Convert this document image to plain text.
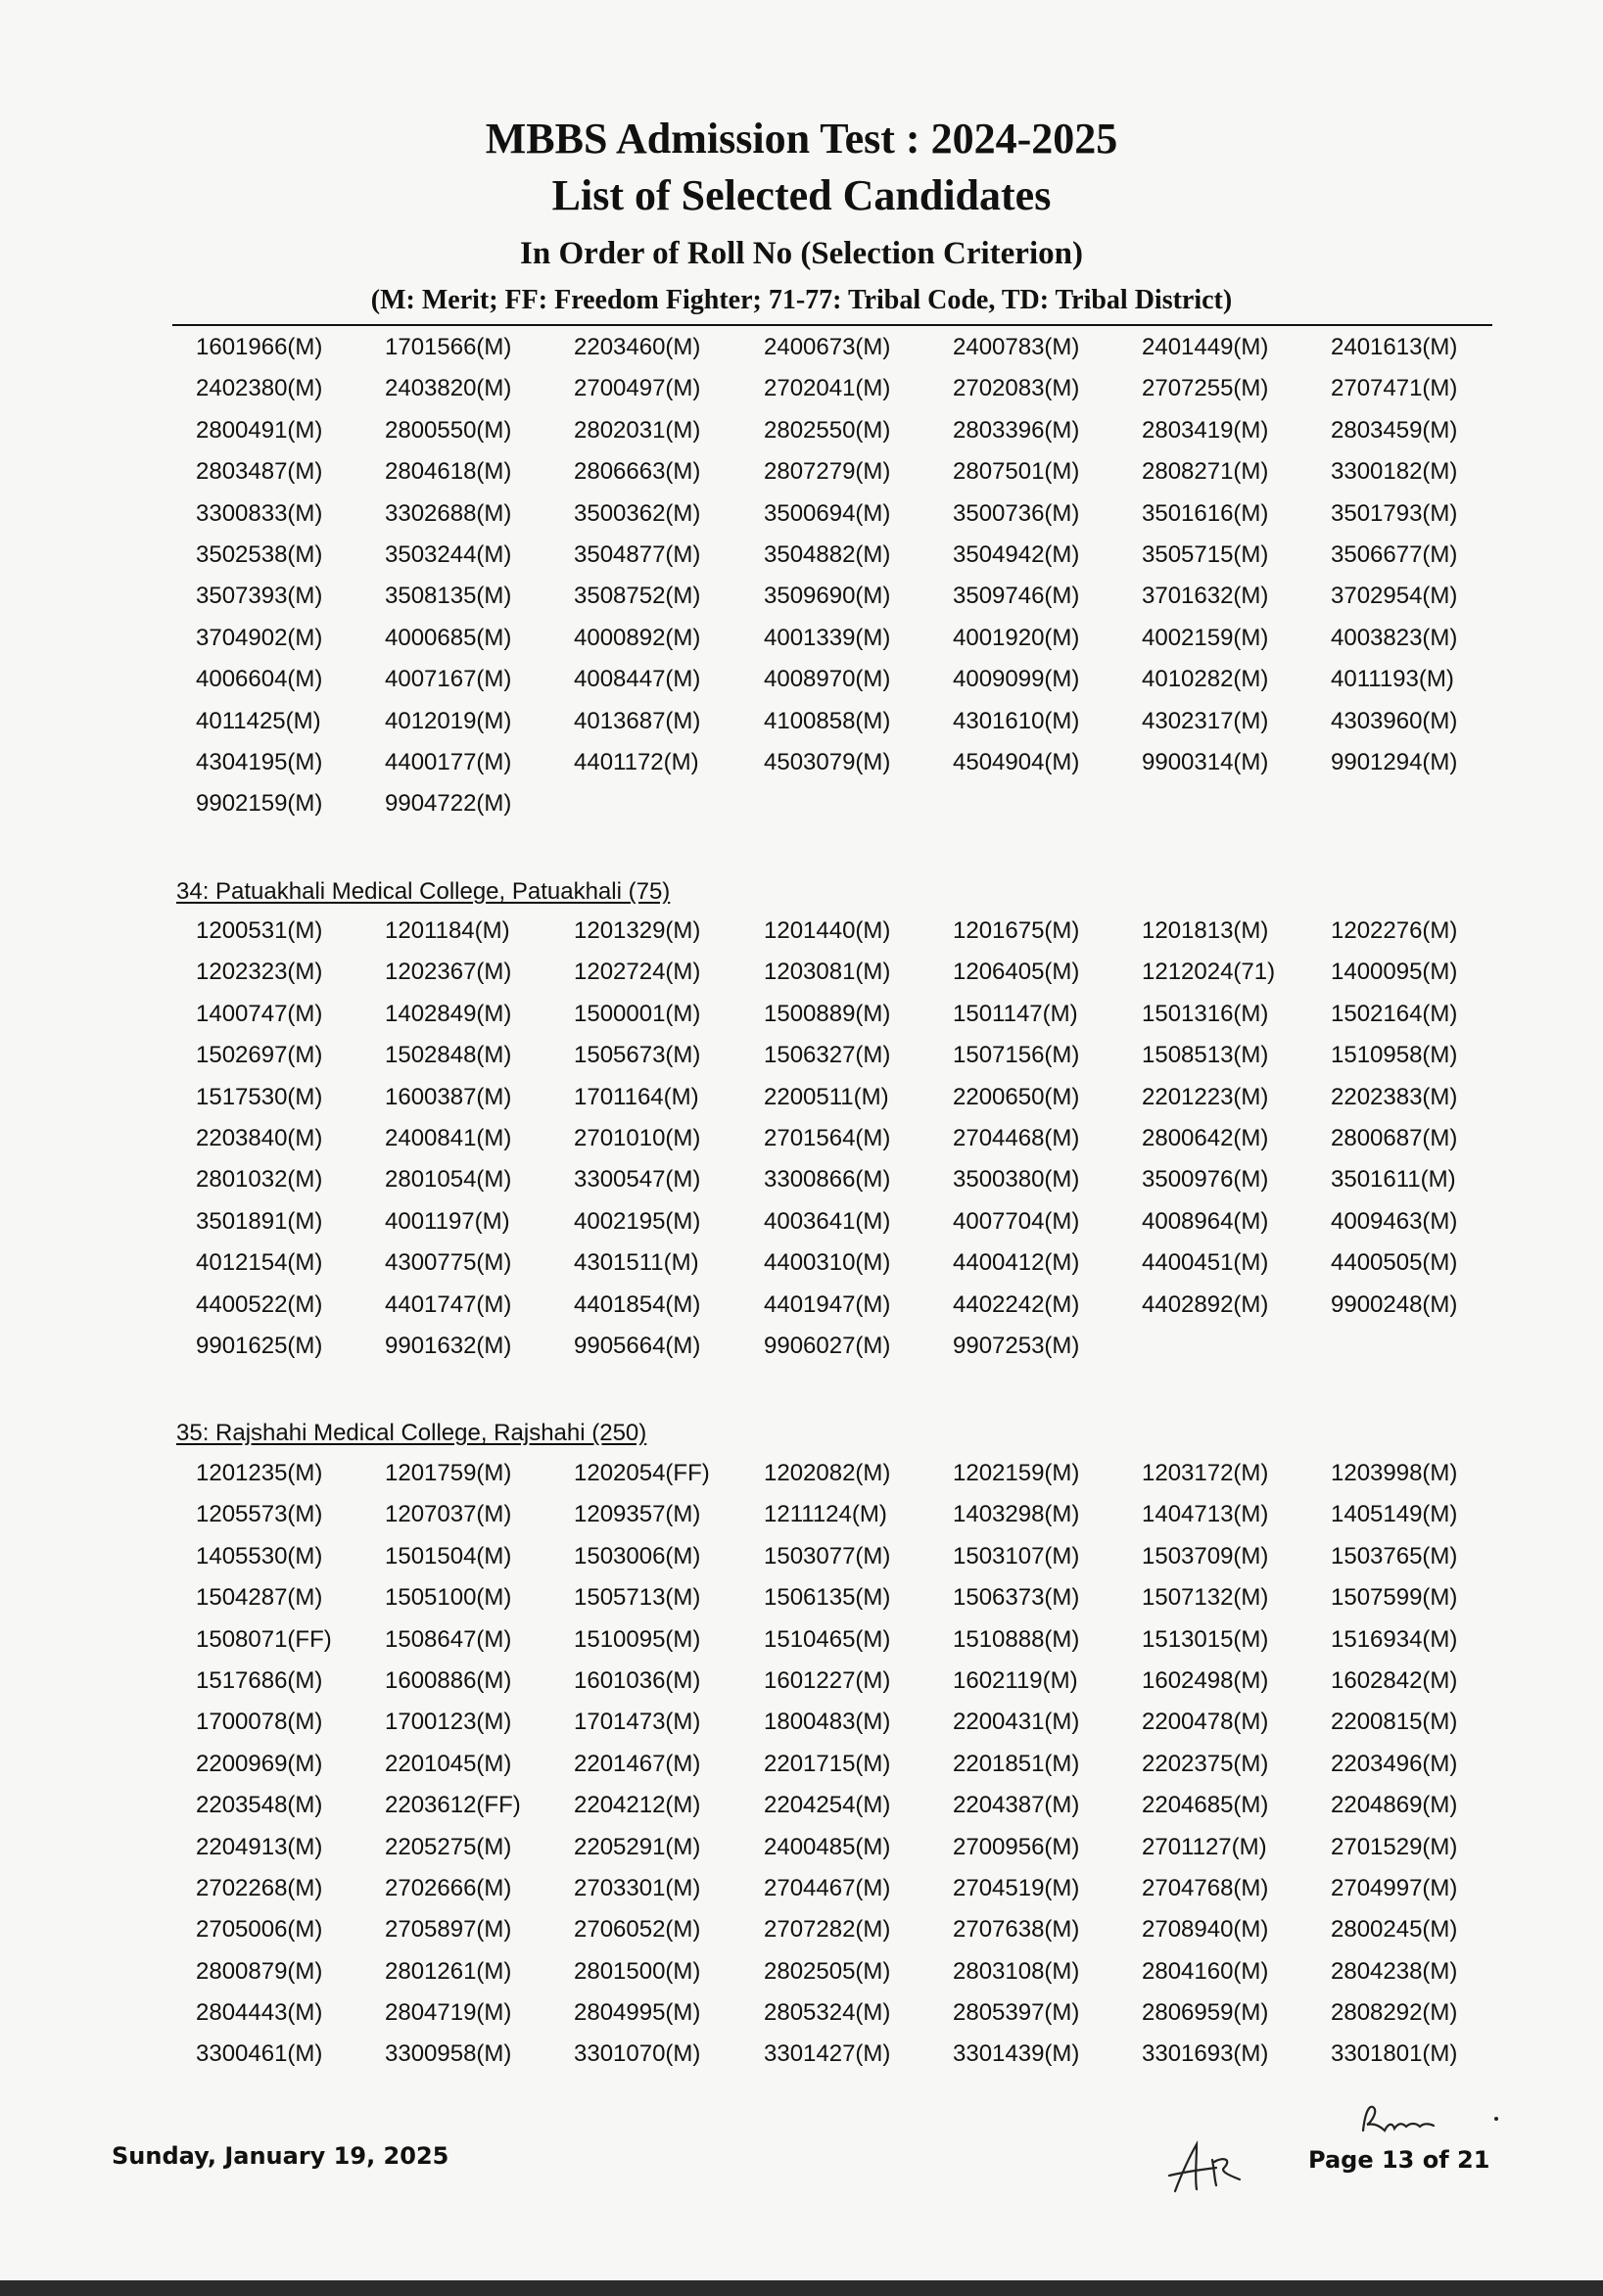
MBBS Admission Test : 2024-2025
List of Selected Candidates
In Order of Roll No (Selection Criterion)
(M: Merit; FF: Freedom Fighter; 71-77: Tribal Code, TD: Tribal District)
1601966(M)	1701566(M)	2203460(M)	2400673(M)	2400783(M)	2401449(M)	2401613(M)
2402380(M)	2403820(M)	2700497(M)	2702041(M)	2702083(M)	2707255(M)	2707471(M)
2800491(M)	2800550(M)	2802031(M)	2802550(M)	2803396(M)	2803419(M)	2803459(M)
2803487(M)	2804618(M)	2806663(M)	2807279(M)	2807501(M)	2808271(M)	3300182(M)
3300833(M)	3302688(M)	3500362(M)	3500694(M)	3500736(M)	3501616(M)	3501793(M)
3502538(M)	3503244(M)	3504877(M)	3504882(M)	3504942(M)	3505715(M)	3506677(M)
3507393(M)	3508135(M)	3508752(M)	3509690(M)	3509746(M)	3701632(M)	3702954(M)
3704902(M)	4000685(M)	4000892(M)	4001339(M)	4001920(M)	4002159(M)	4003823(M)
4006604(M)	4007167(M)	4008447(M)	4008970(M)	4009099(M)	4010282(M)	4011193(M)
4011425(M)	4012019(M)	4013687(M)	4100858(M)	4301610(M)	4302317(M)	4303960(M)
4304195(M)	4400177(M)	4401172(M)	4503079(M)	4504904(M)	9900314(M)	9901294(M)
9902159(M)	9904722(M)
34: Patuakhali Medical College, Patuakhali (75)
1200531(M)	1201184(M)	1201329(M)	1201440(M)	1201675(M)	1201813(M)	1202276(M)
1202323(M)	1202367(M)	1202724(M)	1203081(M)	1206405(M)	1212024(71) 1400095(M)
1400747(M)	1402849(M)	1500001(M)	1500889(M)	1501147(M)	1501316(M)	1502164(M)
1502697(M)	1502848(M)	1505673(M)	1506327(M)	1507156(M)	1508513(M)	1510958(M)
1517530(M)	1600387(M)	1701164(M)	2200511(M)	2200650(M)	2201223(M)	2202383(M)
2203840(M)	2400841(M)	2701010(M)	2701564(M)	2704468(M)	2800642(M)	2800687(M)
2801032(M)	2801054(M)	3300547(M)	3300866(M)	3500380(M)	3500976(M)	3501611(M)
3501891(M)	4001197(M)	4002195(M)	4003641(M)	4007704(M)	4008964(M)	4009463(M)
4012154(M)	4300775(M)	4301511(M)	4400310(M)	4400412(M)	4400451(M)	4400505(M)
4400522(M)	4401747(M)	4401854(M)	4401947(M)	4402242(M)	4402892(M)	9900248(M)
9901625(M)	9901632(M)	9905664(M)	9906027(M)	9907253(M)
35: Rajshahi Medical College, Rajshahi (250)
1201235(M)	1201759(M)	1202054(FF) 1202082(M)	1202159(M)	1203172(M)	1203998(M)
1205573(M)	1207037(M)	1209357(M)	1211124(M)	1403298(M)	1404713(M)	1405149(M)
1405530(M)	1501504(M)	1503006(M)	1503077(M)	1503107(M)	1503709(M)	1503765(M)
1504287(M)	1505100(M)	1505713(M)	1506135(M)	1506373(M)	1507132(M)	1507599(M)
1508071(FF) 1508647(M)	1510095(M)	1510465(M)	1510888(M)	1513015(M)	1516934(M)
1517686(M)	1600886(M)	1601036(M)	1601227(M)	1602119(M)	1602498(M)	1602842(M)
1700078(M)	1700123(M)	1701473(M)	1800483(M)	2200431(M)	2200478(M)	2200815(M)
2200969(M)	2201045(M)	2201467(M)	2201715(M)	2201851(M)	2202375(M)	2203496(M)
2203548(M)	2203612(FF) 2204212(M)	2204254(M)	2204387(M)	2204685(M)	2204869(M)
2204913(M)	2205275(M)	2205291(M)	2400485(M)	2700956(M)	2701127(M)	2701529(M)
2702268(M)	2702666(M)	2703301(M)	2704467(M)	2704519(M)	2704768(M)	2704997(M)
2705006(M)	2705897(M)	2706052(M)	2707282(M)	2707638(M)	2708940(M)	2800245(M)
2800879(M)	2801261(M)	2801500(M)	2802505(M)	2803108(M)	2804160(M)	2804238(M)
2804443(M)	2804719(M)	2804995(M)	2805324(M)	2805397(M)	2806959(M)	2808292(M)
3300461(M)	3300958(M)	3301070(M)	3301427(M)	3301439(M)	3301693(M)	3301801(M)
Sunday, January 19, 2025	Page 13 of 21
